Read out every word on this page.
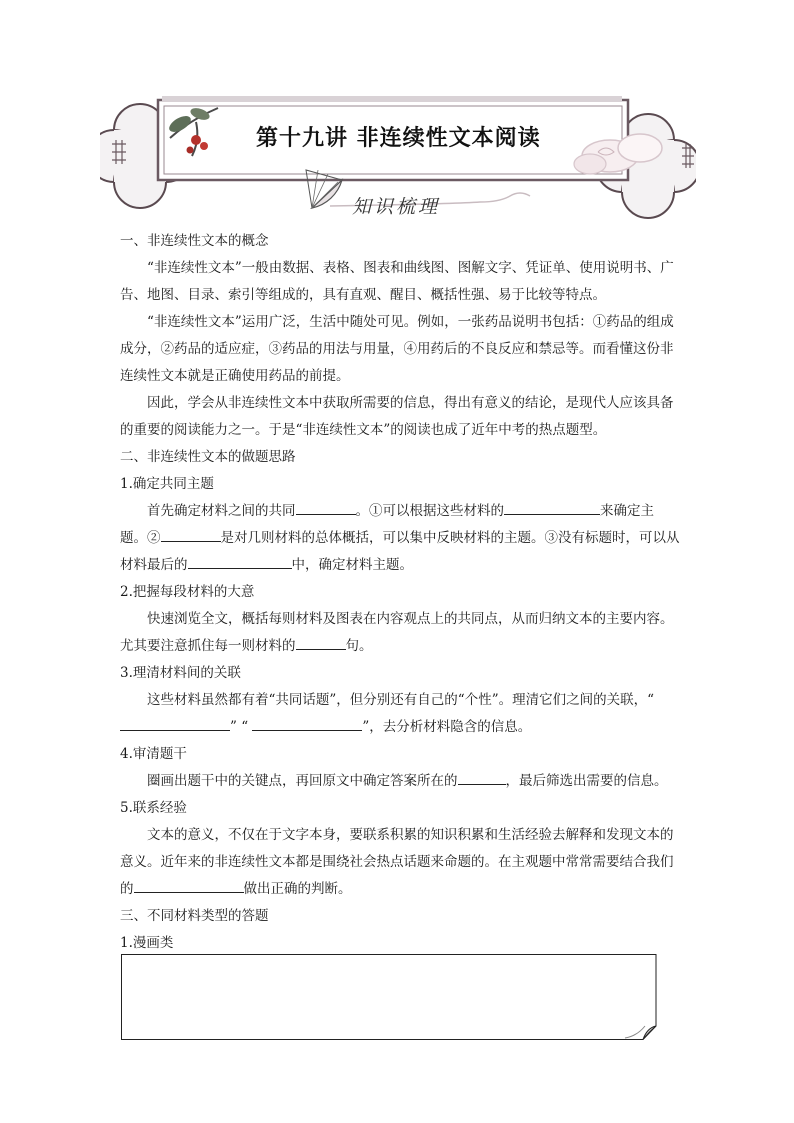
第十九讲 非连续性文本阅读
知识梳理

一、非连续性文本的概念

“非连续性文本”一般由数据、表格、图表和曲线图、图解文字、凭证单、使用说明书、广告、地图、目录、索引等组成的，具有直观、醒目、概括性强、易于比较等特点。

“非连续性文本”运用广泛，生活中随处可见。例如，一张药品说明书包括：①药品的组成成分，②药品的适应症，③药品的用法与用量，④用药后的不良反应和禁忌等。而看懂这份非连续性文本就是正确使用药品的前提。

因此，学会从非连续性文本中获取所需要的信息，得出有意义的结论，是现代人应该具备的重要的阅读能力之一。于是“非连续性文本”的阅读也成了近年中考的热点题型。

二、非连续性文本的做题思路

1.确定共同主题

首先确定材料之间的共同	。①可以根据这些材料的	来确定主题。②	是对几则材料的总体概括，可以集中反映材料的主题。③没有标题时，可以从材料最后的	中，确定材料主题。

2.把握每段材料的大意

快速浏览全文，概括每则材料及图表在内容观点上的共同点，从而归纳文本的主要内容。尤其要注意抓住每一则材料的	句。

3.理清材料间的关联

这些材料虽然都有着“共同话题”，但分别还有自己的“个性”。理清它们之间的关联，“” “	”，去分析材料隐含的信息。

4.审清题干

圈画出题干中的关键点，再回原文中确定答案所在的	，最后筛选出需要的信息。

5.联系经验

文本的意义，不仅在于文字本身，要联系积累的知识积累和生活经验去解释和发现文本的意义。近年来的非连续性文本都是围绕社会热点话题来命题的。在主观题中常常需要结合我们的	做出正确的判断。

三、不同材料类型的答题

1.漫画类
